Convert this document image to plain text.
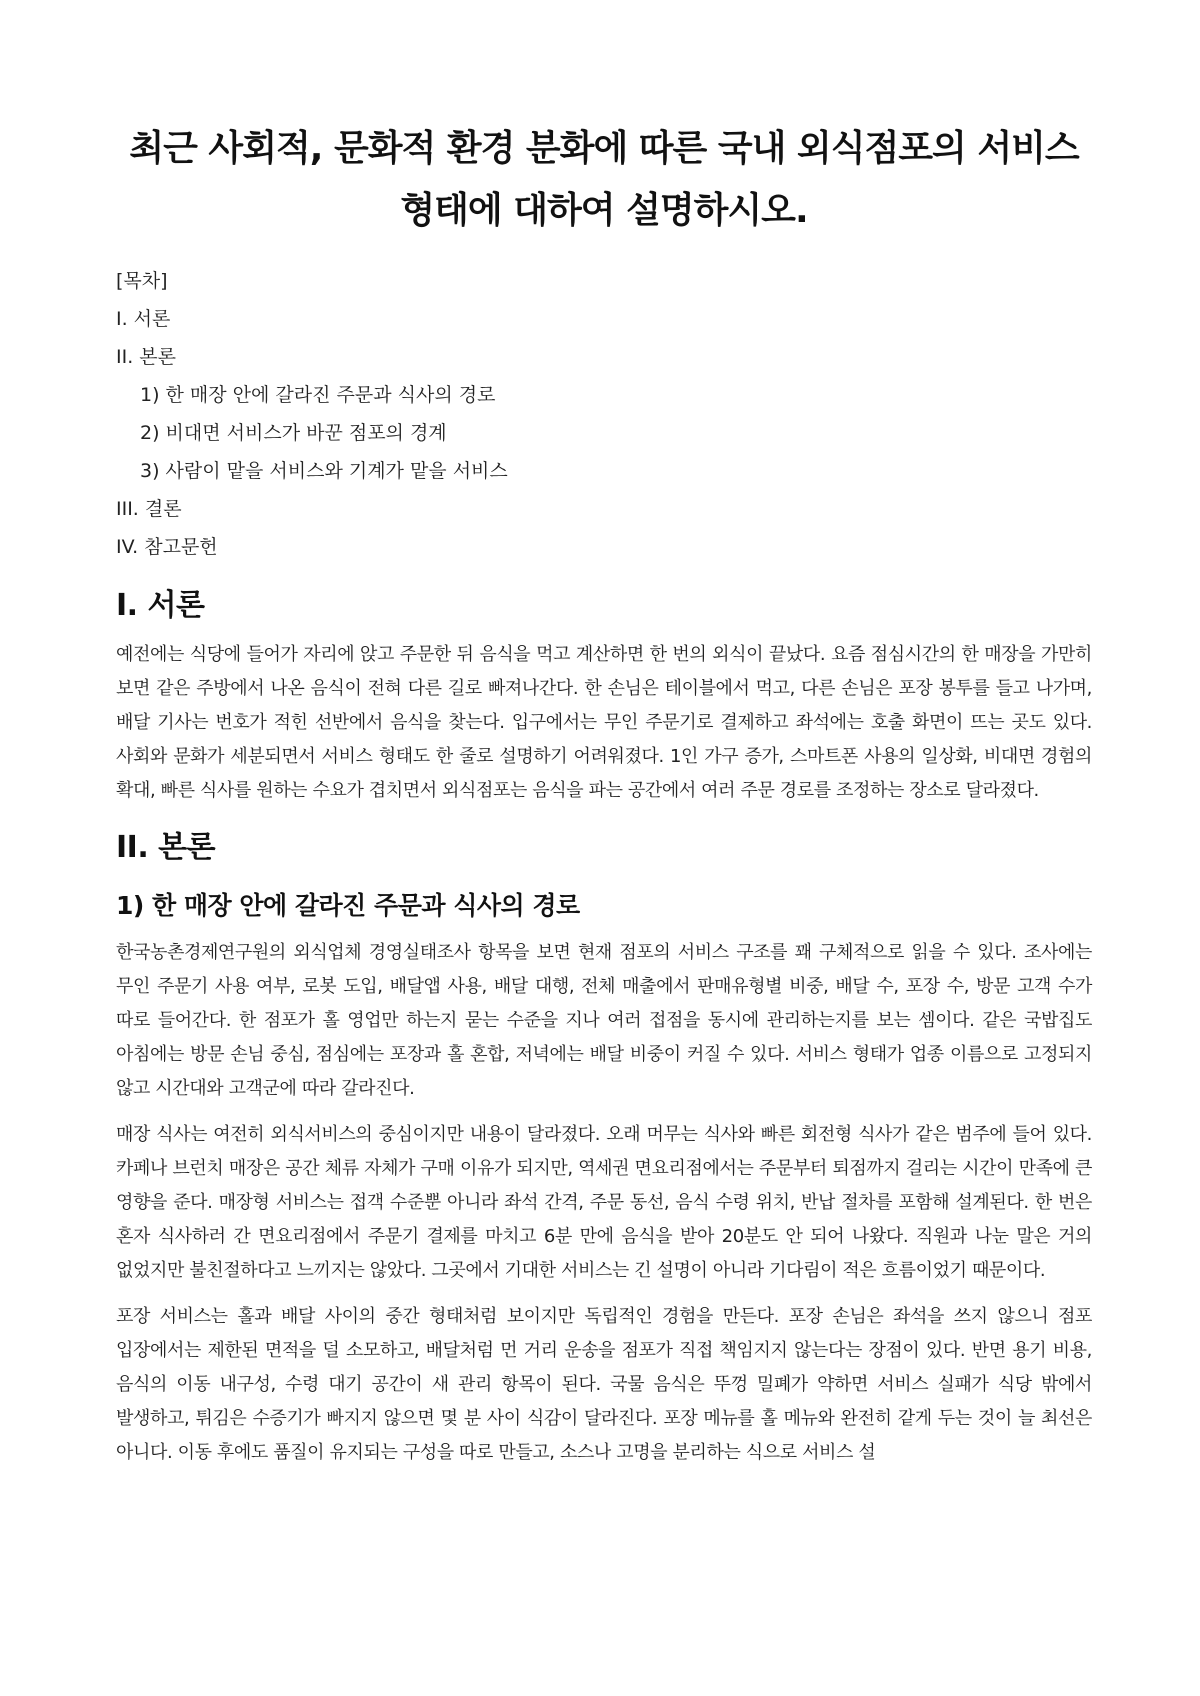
최근 사회적, 문화적 환경 분화에 따른 국내 외식점포의 서비스
형태에 대하여 설명하시오.
[목차]
I. 서론
II. 본론
1) 한 매장 안에 갈라진 주문과 식사의 경로
2) 비대면 서비스가 바꾼 점포의 경계
3) 사람이 맡을 서비스와 기계가 맡을 서비스
III. 결론
IV. 참고문헌
I. 서론

예전에는 식당에 들어가 자리에 앉고 주문한 뒤 음식을 먹고 계산하면 한 번의 외식이 끝났다. 요즘 점심시간의 한 매장을 가만히 보면 같은 주방에서 나온 음식이 전혀 다른 길로 빠져나간다. 한 손님은 테이블에서 먹고, 다른 손님은 포장 봉투를 들고 나가며, 배달 기사는 번호가 적힌 선반에서 음식을 찾는다. 입구에서는 무인 주문기로 결제하고 좌석에는 호출 화면이 뜨는 곳도 있다. 사회와 문화가 세분되면서 서비스 형태도 한 줄로 설명하기 어려워졌다. 1인 가구 증가, 스마트폰 사용의 일상화, 비대면 경험의 확대, 빠른 식사를 원하는 수요가 겹치면서 외식점포는 음식을 파는 공간에서 여러 주문 경로를 조정하는 장소로 달라졌다.

II. 본론
1) 한 매장 안에 갈라진 주문과 식사의 경로

한국농촌경제연구원의 외식업체 경영실태조사 항목을 보면 현재 점포의 서비스 구조를 꽤 구체적으로 읽을 수 있다. 조사에는 무인 주문기 사용 여부, 로봇 도입, 배달앱 사용, 배달 대행, 전체 매출에서 판매유형별 비중, 배달 수, 포장 수, 방문 고객 수가 따로 들어간다. 한 점포가 홀 영업만 하는지 묻는 수준을 지나 여러 접점을 동시에 관리하는지를 보는 셈이다. 같은 국밥집도 아침에는 방문 손님 중심, 점심에는 포장과 홀 혼합, 저녁에는 배달 비중이 커질 수 있다. 서비스 형태가 업종 이름으로 고정되지 않고 시간대와 고객군에 따라 갈라진다.

매장 식사는 여전히 외식서비스의 중심이지만 내용이 달라졌다. 오래 머무는 식사와 빠른 회전형 식사가 같은 범주에 들어 있다. 카페나 브런치 매장은 공간 체류 자체가 구매 이유가 되지만, 역세권 면요리점에서는 주문부터 퇴점까지 걸리는 시간이 만족에 큰 영향을 준다. 매장형 서비스는 접객 수준뿐 아니라 좌석 간격, 주문 동선, 음식 수령 위치, 반납 절차를 포함해 설계된다. 한 번은 혼자 식사하러 간 면요리점에서 주문기 결제를 마치고 6분 만에 음식을 받아 20분도 안 되어 나왔다. 직원과 나눈 말은 거의 없었지만 불친절하다고 느끼지는 않았다. 그곳에서 기대한 서비스는 긴 설명이 아니라 기다림이 적은 흐름이었기 때문이다.

포장 서비스는 홀과 배달 사이의 중간 형태처럼 보이지만 독립적인 경험을 만든다. 포장 손님은 좌석을 쓰지 않으니 점포 입장에서는 제한된 면적을 덜 소모하고, 배달처럼 먼 거리 운송을 점포가 직접 책임지지 않는다는 장점이 있다. 반면 용기 비용, 음식의 이동 내구성, 수령 대기 공간이 새 관리 항목이 된다. 국물 음식은 뚜껑 밀폐가 약하면 서비스 실패가 식당 밖에서 발생하고, 튀김은 수증기가 빠지지 않으면 몇 분 사이 식감이 달라진다. 포장 메뉴를 홀 메뉴와 완전히 같게 두는 것이 늘 최선은 아니다. 이동 후에도 품질이 유지되는 구성을 따로 만들고, 소스나 고명을 분리하는 식으로 서비스 설
